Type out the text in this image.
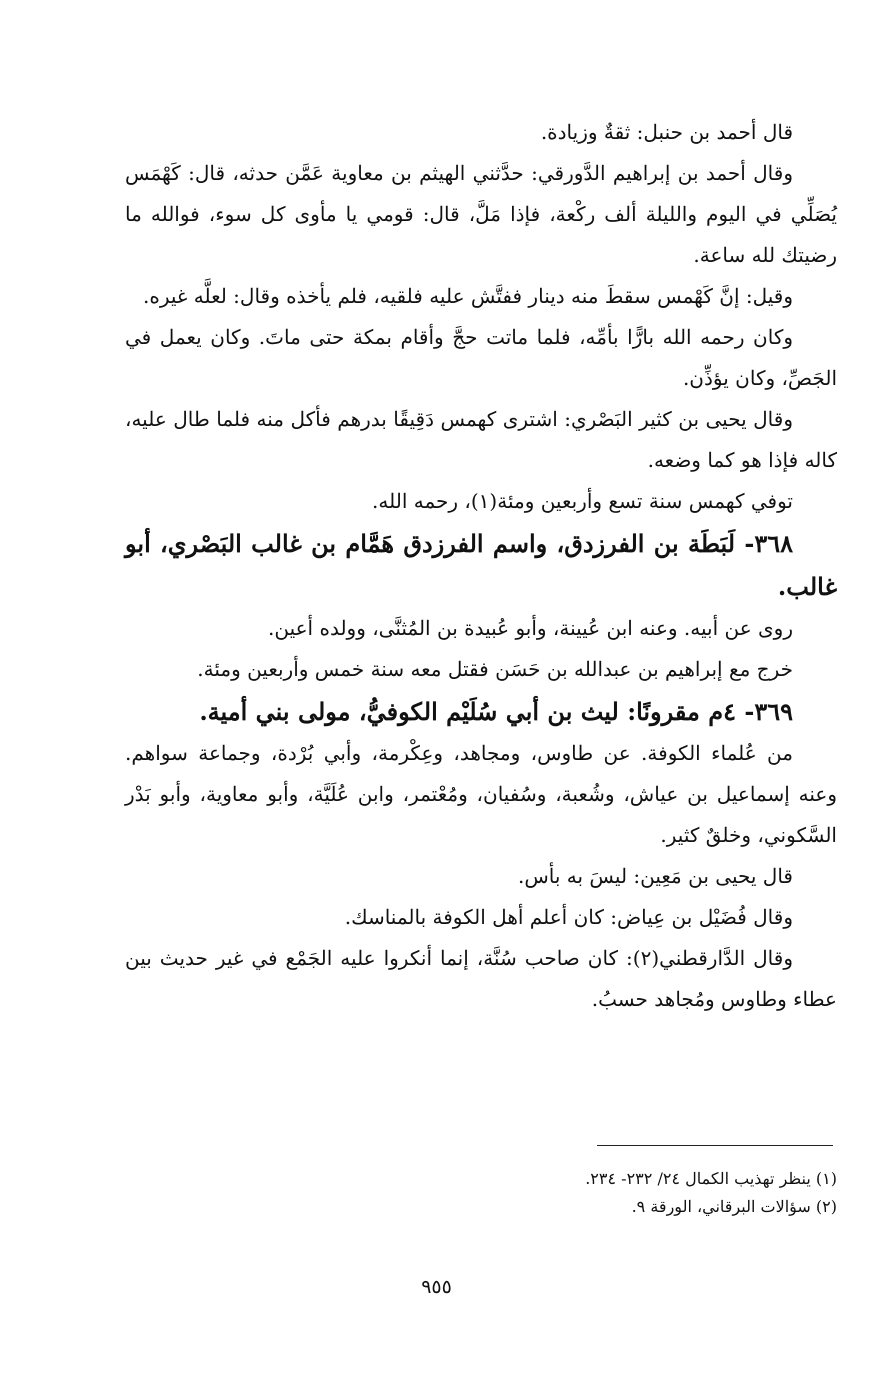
قال أحمد بن حنبل: ثقةٌ وزيادة.

وقال أحمد بن إبراهيم الدَّورقي: حدَّثني الهيثم بن معاوية عَمَّن حدثه، قال: كَهْمَس يُصَلِّي في اليوم والليلة ألف ركْعة، فإذا مَلَّ، قال: قومي يا مأوى كل سوء، فوالله ما رضيتك لله ساعة.

وقيل: إنَّ كَهْمس سقطَ منه دينار ففتَّش عليه فلقيه، فلم يأخذه وقال: لعلَّه غيره.

وكان رحمه الله بارًّا بأمِّه، فلما ماتت حجَّ وأقام بمكة حتى ماتَ. وكان يعمل في الجَصِّ، وكان يؤذِّن.

وقال يحيى بن كثير البَصْري: اشترى كهمس دَقِيقًا بدرهم فأكل منه فلما طال عليه، كاله فإذا هو كما وضعه.

توفي كهمس سنة تسع وأربعين ومئة(١)، رحمه الله.

٣٦٨- لَبَطَة بن الفرزدق، واسم الفرزدق هَمَّام بن غالب البَصْري، أبو غالب.

روى عن أبيه. وعنه ابن عُيينة، وأبو عُبيدة بن المُثنَّى، وولده أعين.

خرج مع إبراهيم بن عبدالله بن حَسَن فقتل معه سنة خمس وأربعين ومئة.

٣٦٩- ٤م مقرونًا: ليث بن أبي سُلَيْم الكوفيُّ، مولى بني أمية.

من عُلماء الكوفة. عن طاوس، ومجاهد، وعِكْرمة، وأبي بُرْدة، وجماعة سواهم. وعنه إسماعيل بن عياش، وشُعبة، وسُفيان، ومُعْتمر، وابن عُلَيَّة، وأبو معاوية، وأبو بَدْر السَّكوني، وخلقٌ كثير.

قال يحيى بن مَعِين: ليسَ به بأس.

وقال فُضَيْل بن عِياض: كان أعلم أهل الكوفة بالمناسك.

وقال الدَّارقطني(٢): كان صاحب سُنَّة، إنما أنكروا عليه الجَمْع في غير حديث بين عطاء وطاوس ومُجاهد حسبُ.

(١) ينظر تهذيب الكمال ٢٤/ ٢٣٢- ٢٣٤.

(٢) سؤالات البرقاني، الورقة ٩.

٩٥٥
